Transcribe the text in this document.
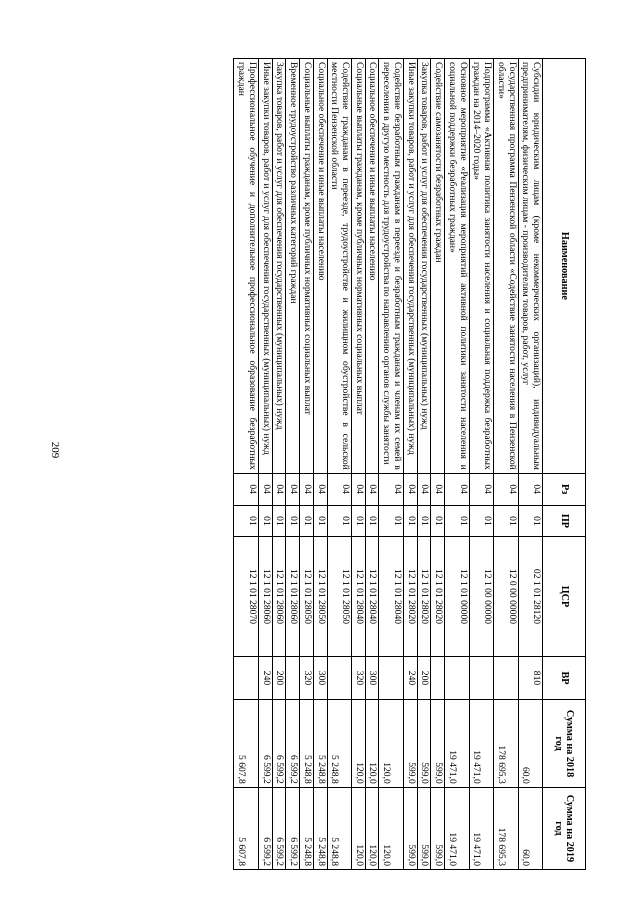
209
Наименование	Рз	ПР	ЦСР	ВР	Сумма на 2018 год	Сумма на 2019 год
Субсидии юридическим лицам (кроме некоммерческих организаций), индивидуальным предпринимателям, физическим лицам - производителям товаров, работ, услуг	04	01	02 1 01 28120	810	60,0	60,0
Государственная программа Пензенской области «Содействие занятости населения в Пензенской области»	04	01	12 0 00 00000		178 695,3	178 695,3
Подпрограмма «Активная политика занятости населения и социальная поддержка безработных граждан на 2014–2020 годы»	04	01	12 1 00 00000		19 471,0	19 471,0
Основное мероприятие «Реализация мероприятий активной политики занятости населения и социальной поддержки безработных граждан»	04	01	12 1 01 00000		19 471,0	19 471,0
Содействие самозанятости безработных граждан	04	01	12 1 01 28020		599,0	599,0
Закупка товаров, работ и услуг для обеспечения государственных (муниципальных) нужд	04	01	12 1 01 28020	200	599,0	599,0
Иные закупки товаров, работ и услуг для обеспечения государственных (муниципальных) нужд	04	01	12 1 01 28020	240	599,0	599,0
Содействие безработным гражданам в переезде и безработным гражданам и членам их семей в переселении в другую местность для трудоустройства по направлению органов службы занятости	04	01	12 1 01 28040		120,0	120,0
Социальное обеспечение и иные выплаты населению	04	01	12 1 01 28040	300	120,0	120,0
Социальные выплаты гражданам, кроме публичных нормативных социальных выплат	04	01	12 1 01 28040	320	120,0	120,0
Содействие гражданам в переезде, трудоустройстве и жилищном обустройстве в сельской местности Пензенской области	04	01	12 1 01 28050		5 248,8	5 248,8
Социальное обеспечение и иные выплаты населению	04	01	12 1 01 28050	300	5 248,8	5 248,8
Социальные выплаты гражданам, кроме публичных нормативных социальных выплат	04	01	12 1 01 28050	320	5 248,8	5 248,8
Временное трудоустройство различных категорий граждан	04	01	12 1 01 28060		6 599,2	6 599,2
Закупка товаров, работ и услуг для обеспечения государственных (муниципальных) нужд	04	01	12 1 01 28060	200	6 599,2	6 599,2
Иные закупки товаров, работ и услуг для обеспечения государственных (муниципальных) нужд	04	01	12 1 01 28060	240	6 599,2	6 599,2
Профессиональное обучение и дополнительное профессиональное образование безработных граждан	04	01	12 1 01 28070		5 607,8	5 607,8
